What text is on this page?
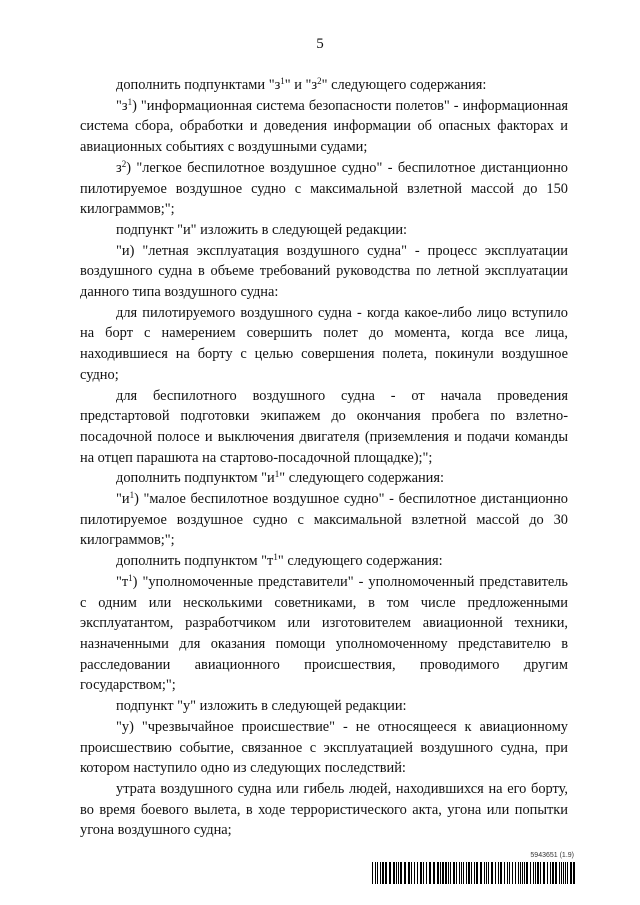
5

дополнить подпунктами "$з^1$" и "$з^2$" следующего содержания:

"$з^1$) "информационная система безопасности полетов" - информационная система сбора, обработки и доведения информации об опасных факторах и авиационных событиях с воздушными судами;

$з^2$) "легкое беспилотное воздушное судно" - беспилотное дистанционно пилотируемое воздушное судно с максимальной взлетной массой до 150 килограммов;";

подпункт "и" изложить в следующей редакции:

"и) "летная эксплуатация воздушного судна" - процесс эксплуатации воздушного судна в объеме требований руководства по летной эксплуатации данного типа воздушного судна:

для пилотируемого воздушного судна - когда какое-либо лицо вступило на борт с намерением совершить полет до момента, когда все лица, находившиеся на борту с целью совершения полета, покинули воздушное судно;

для беспилотного воздушного судна - от начала проведения предстартовой подготовки экипажем до окончания пробега по взлетно-посадочной полосе и выключения двигателя (приземления и подачи команды на отцеп парашюта на стартово-посадочной площадке);";

дополнить подпунктом "$и^1$" следующего содержания:

"$и^1$) "малое беспилотное воздушное судно" - беспилотное дистанционно пилотируемое воздушное судно с максимальной взлетной массой до 30 килограммов;";

дополнить подпунктом "$т^1$" следующего содержания:

"$т^1$) "уполномоченные представители" - уполномоченный представитель с одним или несколькими советниками, в том числе предложенными эксплуатантом, разработчиком или изготовителем авиационной техники, назначенными для оказания помощи уполномоченному представителю в расследовании авиационного происшествия, проводимого другим государством;";

подпункт "у" изложить в следующей редакции:

"у) "чрезвычайное происшествие" - не относящееся к авиационному происшествию событие, связанное с эксплуатацией воздушного судна, при котором наступило одно из следующих последствий:

утрата воздушного судна или гибель людей, находившихся на его борту, во время боевого вылета, в ходе террористического акта, угона или попытки угона воздушного судна;

5943651 (1.9)
